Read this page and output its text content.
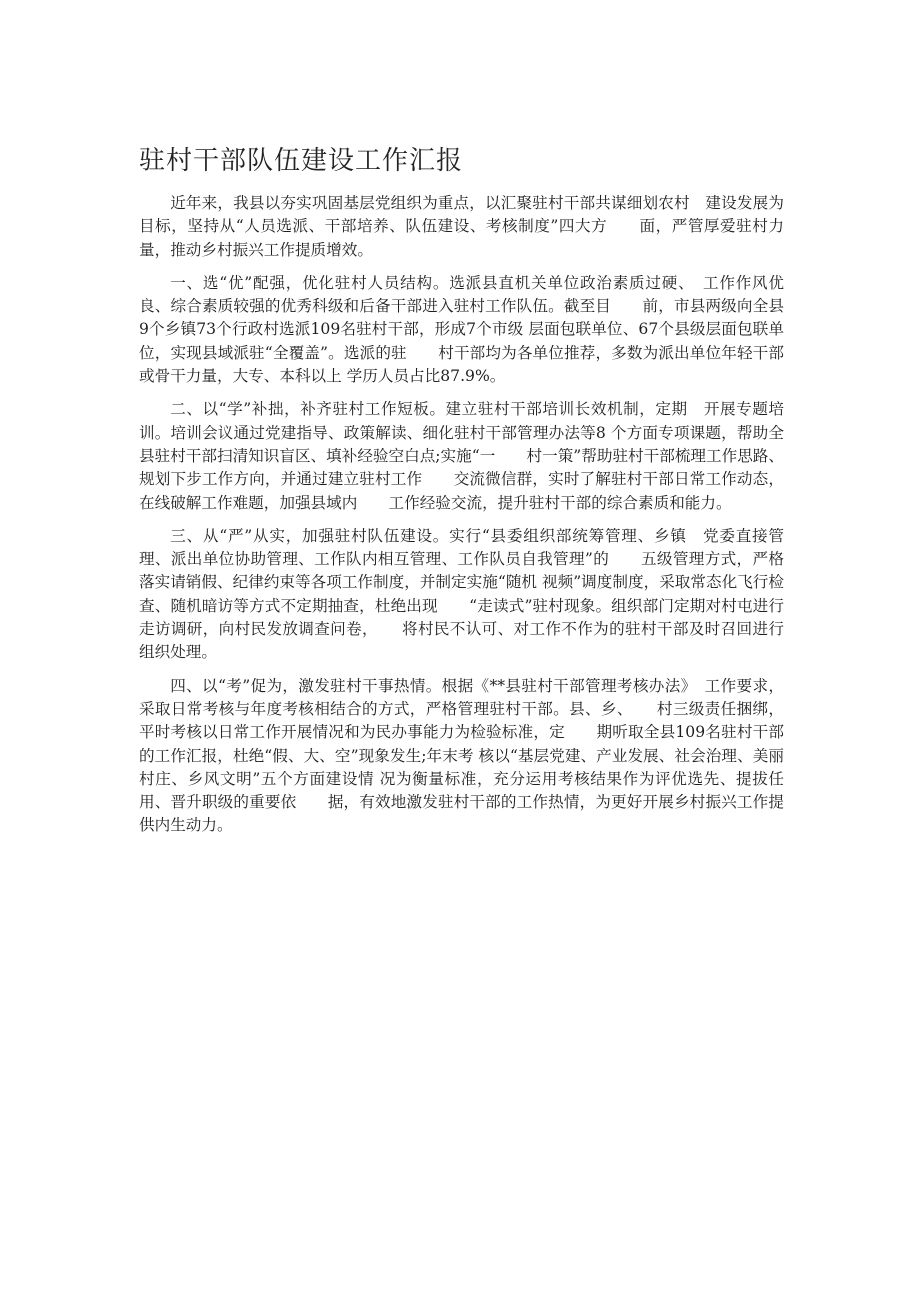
驻村干部队伍建设工作汇报

近年来，我县以夯实巩固基层党组织为重点，以汇聚驻村干部共谋细划农村　建设发展为目标，坚持从“人员选派、干部培养、队伍建设、考核制度”四大方　　面，严管厚爱驻村力量，推动乡村振兴工作提质增效。

一、选“优”配强，优化驻村人员结构。选派县直机关单位政治素质过硬、　工作作风优良、综合素质较强的优秀科级和后备干部进入驻村工作队伍。截至目　　前，市县两级向全县9个乡镇73个行政村选派109名驻村干部，形成7个市级 层面包联单位、67个县级层面包联单位，实现县域派驻“全覆盖”。选派的驻　　村干部均为各单位推荐，多数为派出单位年轻干部或骨干力量，大专、本科以上 学历人员占比87.9%。

二、以“学”补拙，补齐驻村工作短板。建立驻村干部培训长效机制，定期　开展专题培训。培训会议通过党建指导、政策解读、细化驻村干部管理办法等8 个方面专项课题，帮助全县驻村干部扫清知识盲区、填补经验空白点;实施“一　　村一策”帮助驻村干部梳理工作思路、规划下步工作方向，并通过建立驻村工作　　交流微信群，实时了解驻村干部日常工作动态，在线破解工作难题，加强县域内　　工作经验交流，提升驻村干部的综合素质和能力。

三、从“严”从实，加强驻村队伍建设。实行“县委组织部统筹管理、乡镇　党委直接管理、派出单位协助管理、工作队内相互管理、工作队员自我管理”的　　五级管理方式，严格落实请销假、纪律约束等各项工作制度，并制定实施“随机 视频”调度制度，采取常态化飞行检查、随机暗访等方式不定期抽查，杜绝出现　　“走读式”驻村现象。组织部门定期对村屯进行走访调研，向村民发放调查问卷，　　将村民不认可、对工作不作为的驻村干部及时召回进行组织处理。

四、以“考”促为，激发驻村干事热情。根据《**县驻村干部管理考核办法》　工作要求，采取日常考核与年度考核相结合的方式，严格管理驻村干部。县、乡、　　村三级责任捆绑，平时考核以日常工作开展情况和为民办事能力为检验标准，定　　期听取全县109名驻村干部的工作汇报，杜绝“假、大、空”现象发生;年末考 核以“基层党建、产业发展、社会治理、美丽村庄、乡风文明”五个方面建设情 况为衡量标准，充分运用考核结果作为评优选先、提拔任用、晋升职级的重要依　　据，有效地激发驻村干部的工作热情，为更好开展乡村振兴工作提供内生动力。
